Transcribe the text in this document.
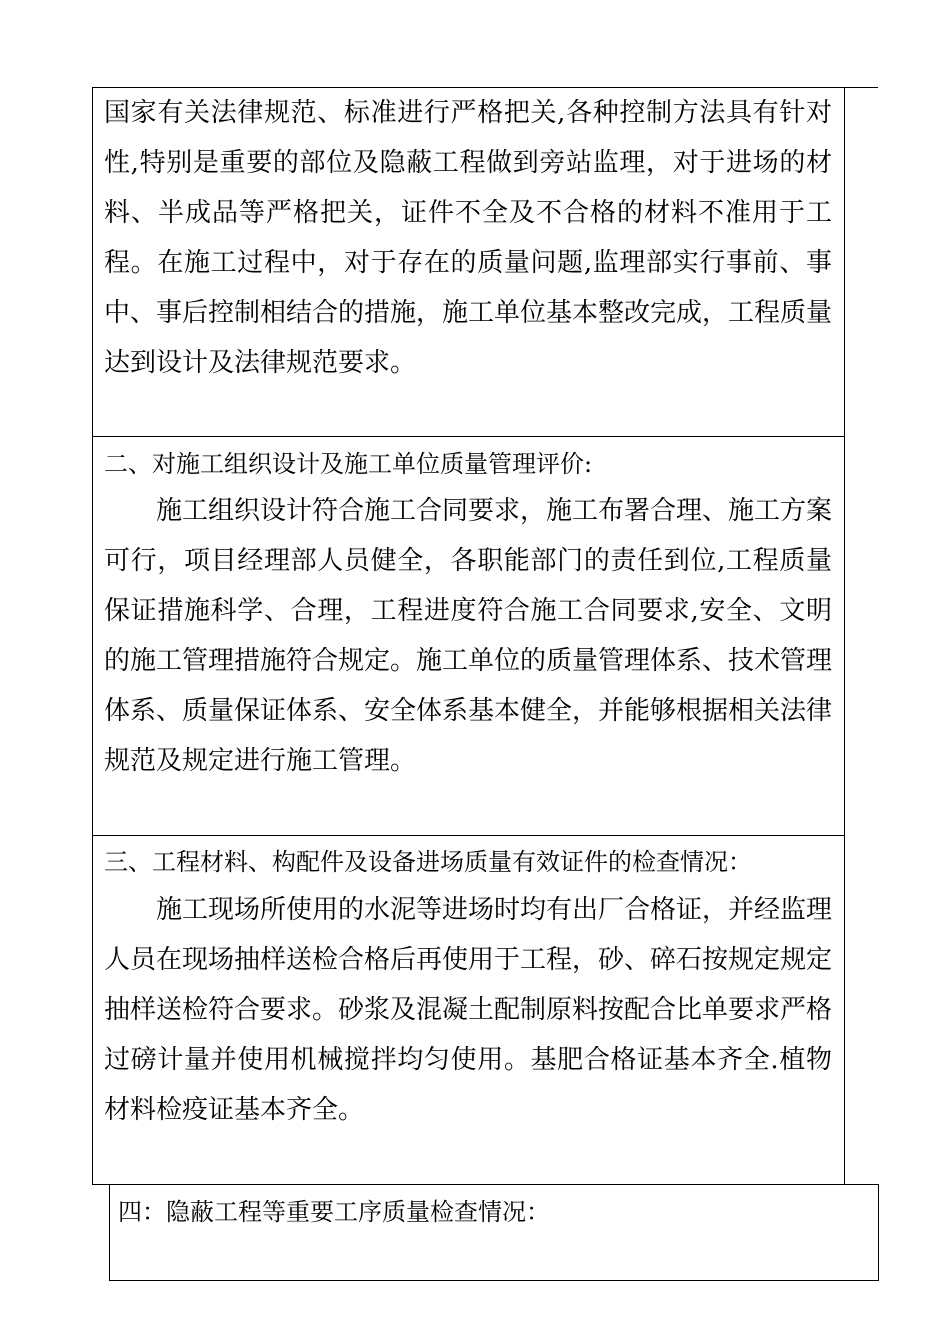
国家有关法律规范、标准进行严格把关,各种控制方法具有针对性,特别是重要的部位及隐蔽工程做到旁站监理，对于进场的材料、半成品等严格把关，证件不全及不合格的材料不准用于工程。在施工过程中，对于存在的质量问题,监理部实行事前、事中、事后控制相结合的措施，施工单位基本整改完成，工程质量达到设计及法律规范要求。

二、对施工组织设计及施工单位质量管理评价:

施工组织设计符合施工合同要求，施工布署合理、施工方案可行，项目经理部人员健全，各职能部门的责任到位,工程质量保证措施科学、合理，工程进度符合施工合同要求,安全、文明的施工管理措施符合规定。施工单位的质量管理体系、技术管理体系、质量保证体系、安全体系基本健全，并能够根据相关法律规范及规定进行施工管理。

三、工程材料、构配件及设备进场质量有效证件的检查情况：

施工现场所使用的水泥等进场时均有出厂合格证，并经监理人员在现场抽样送检合格后再使用于工程，砂、碎石按规定规定抽样送检符合要求。砂浆及混凝土配制原料按配合比单要求严格过磅计量并使用机械搅拌均匀使用。基肥合格证基本齐全.植物材料检疫证基本齐全。

四：隐蔽工程等重要工序质量检查情况：
